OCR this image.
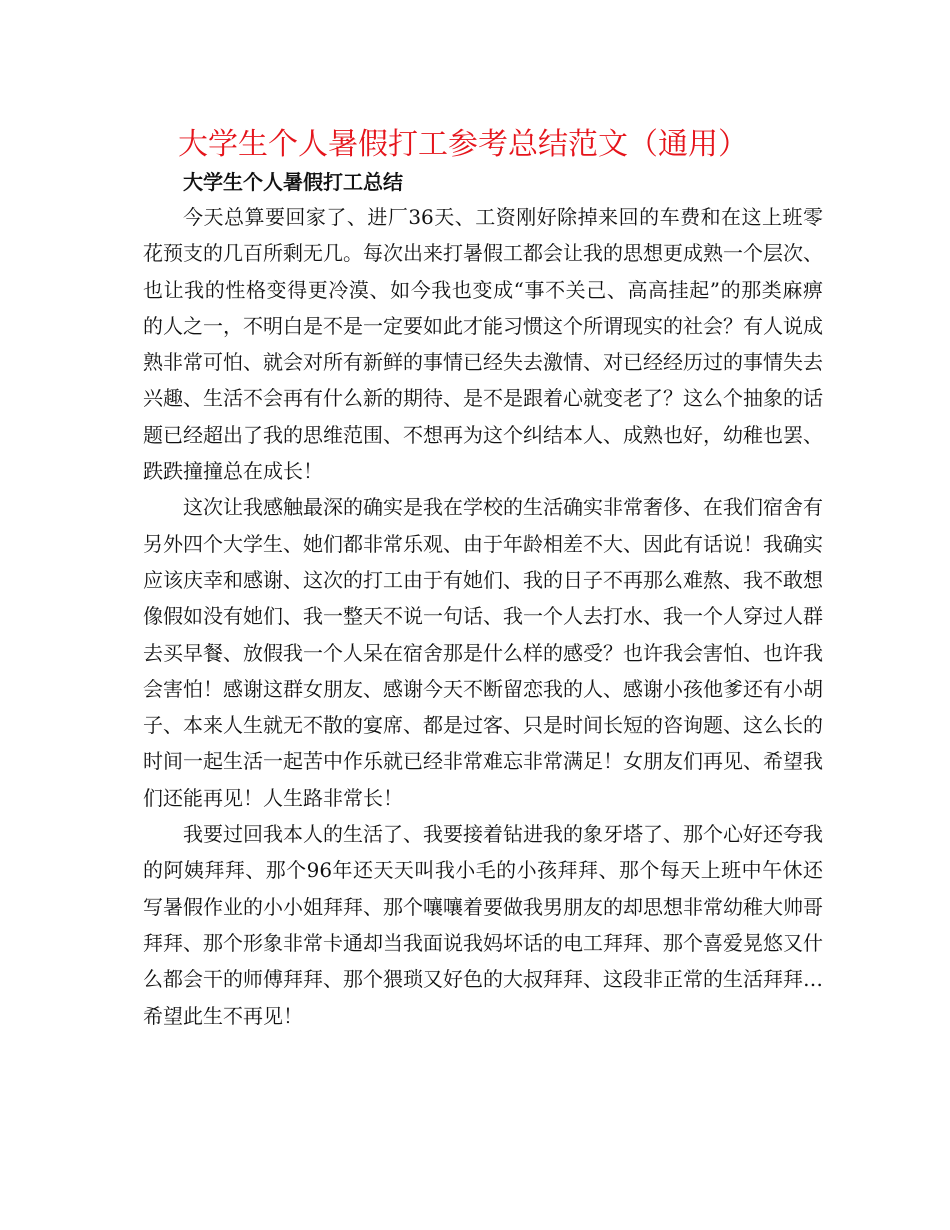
大学生个人暑假打工参考总结范文（通用）
大学生个人暑假打工总结

今天总算要回家了、进厂36天、工资刚好除掉来回的车费和在这上班零花预支的几百所剩无几。每次出来打暑假工都会让我的思想更成熟一个层次、也让我的性格变得更冷漠、如今我也变成“事不关己、高高挂起”的那类麻痹的人之一，不明白是不是一定要如此才能习惯这个所谓现实的社会？有人说成熟非常可怕、就会对所有新鲜的事情已经失去激情、对已经经历过的事情失去兴趣、生活不会再有什么新的期待、是不是跟着心就变老了？这么个抽象的话题已经超出了我的思维范围、不想再为这个纠结本人、成熟也好，幼稚也罢、跌跌撞撞总在成长！

这次让我感触最深的确实是我在学校的生活确实非常奢侈、在我们宿舍有另外四个大学生、她们都非常乐观、由于年龄相差不大、因此有话说！我确实应该庆幸和感谢、这次的打工由于有她们、我的日子不再那么难熬、我不敢想像假如没有她们、我一整天不说一句话、我一个人去打水、我一个人穿过人群去买早餐、放假我一个人呆在宿舍那是什么样的感受？也许我会害怕、也许我会害怕！感谢这群女朋友、感谢今天不断留恋我的人、感谢小孩他爹还有小胡子、本来人生就无不散的宴席、都是过客、只是时间长短的咨询题、这么长的时间一起生活一起苦中作乐就已经非常难忘非常满足！女朋友们再见、希望我们还能再见！人生路非常长！

我要过回我本人的生活了、我要接着钻进我的象牙塔了、那个心好还夸我的阿姨拜拜、那个96年还天天叫我小毛的小孩拜拜、那个每天上班中午休还写暑假作业的小小姐拜拜、那个嚷嚷着要做我男朋友的却思想非常幼稚大帅哥拜拜、那个形象非常卡通却当我面说我妈坏话的电工拜拜、那个喜爱晃悠又什么都会干的师傅拜拜、那个猥琐又好色的大叔拜拜、这段非正常的生活拜拜…希望此生不再见！
